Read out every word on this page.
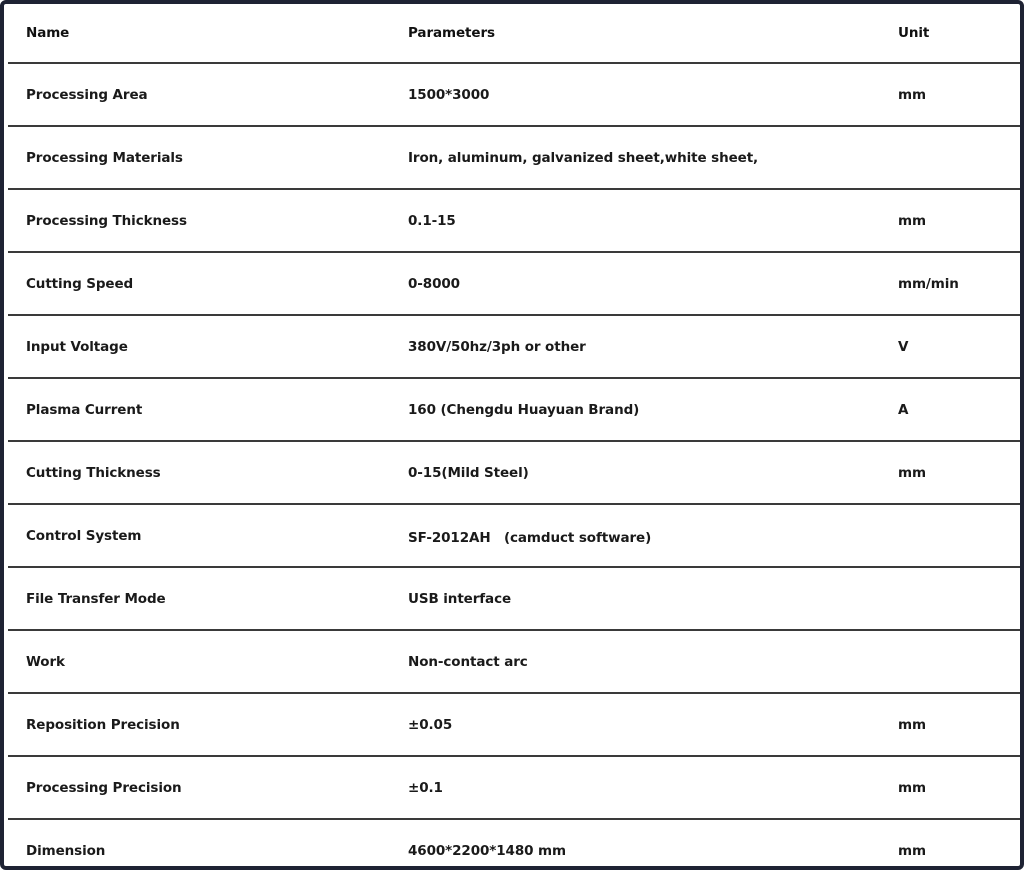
Name	Parameters	Unit
Processing Area	1500*3000	mm
Processing Materials	Iron, aluminum, galvanized sheet,white sheet,	
Processing Thickness	0.1-15	mm
Cutting Speed	0-8000	mm/min
Input Voltage	380V/50hz/3ph or other	V
Plasma Current	160 (Chengdu Huayuan Brand)	A
Cutting Thickness	0-15(Mild Steel)	mm
Control System	SF-2012AH　(camduct software)	
File Transfer Mode	USB interface	
Work	Non-contact arc	
Reposition Precision	±0.05	mm
Processing Precision	±0.1	mm
Dimension	4600*2200*1480 mm	mm
